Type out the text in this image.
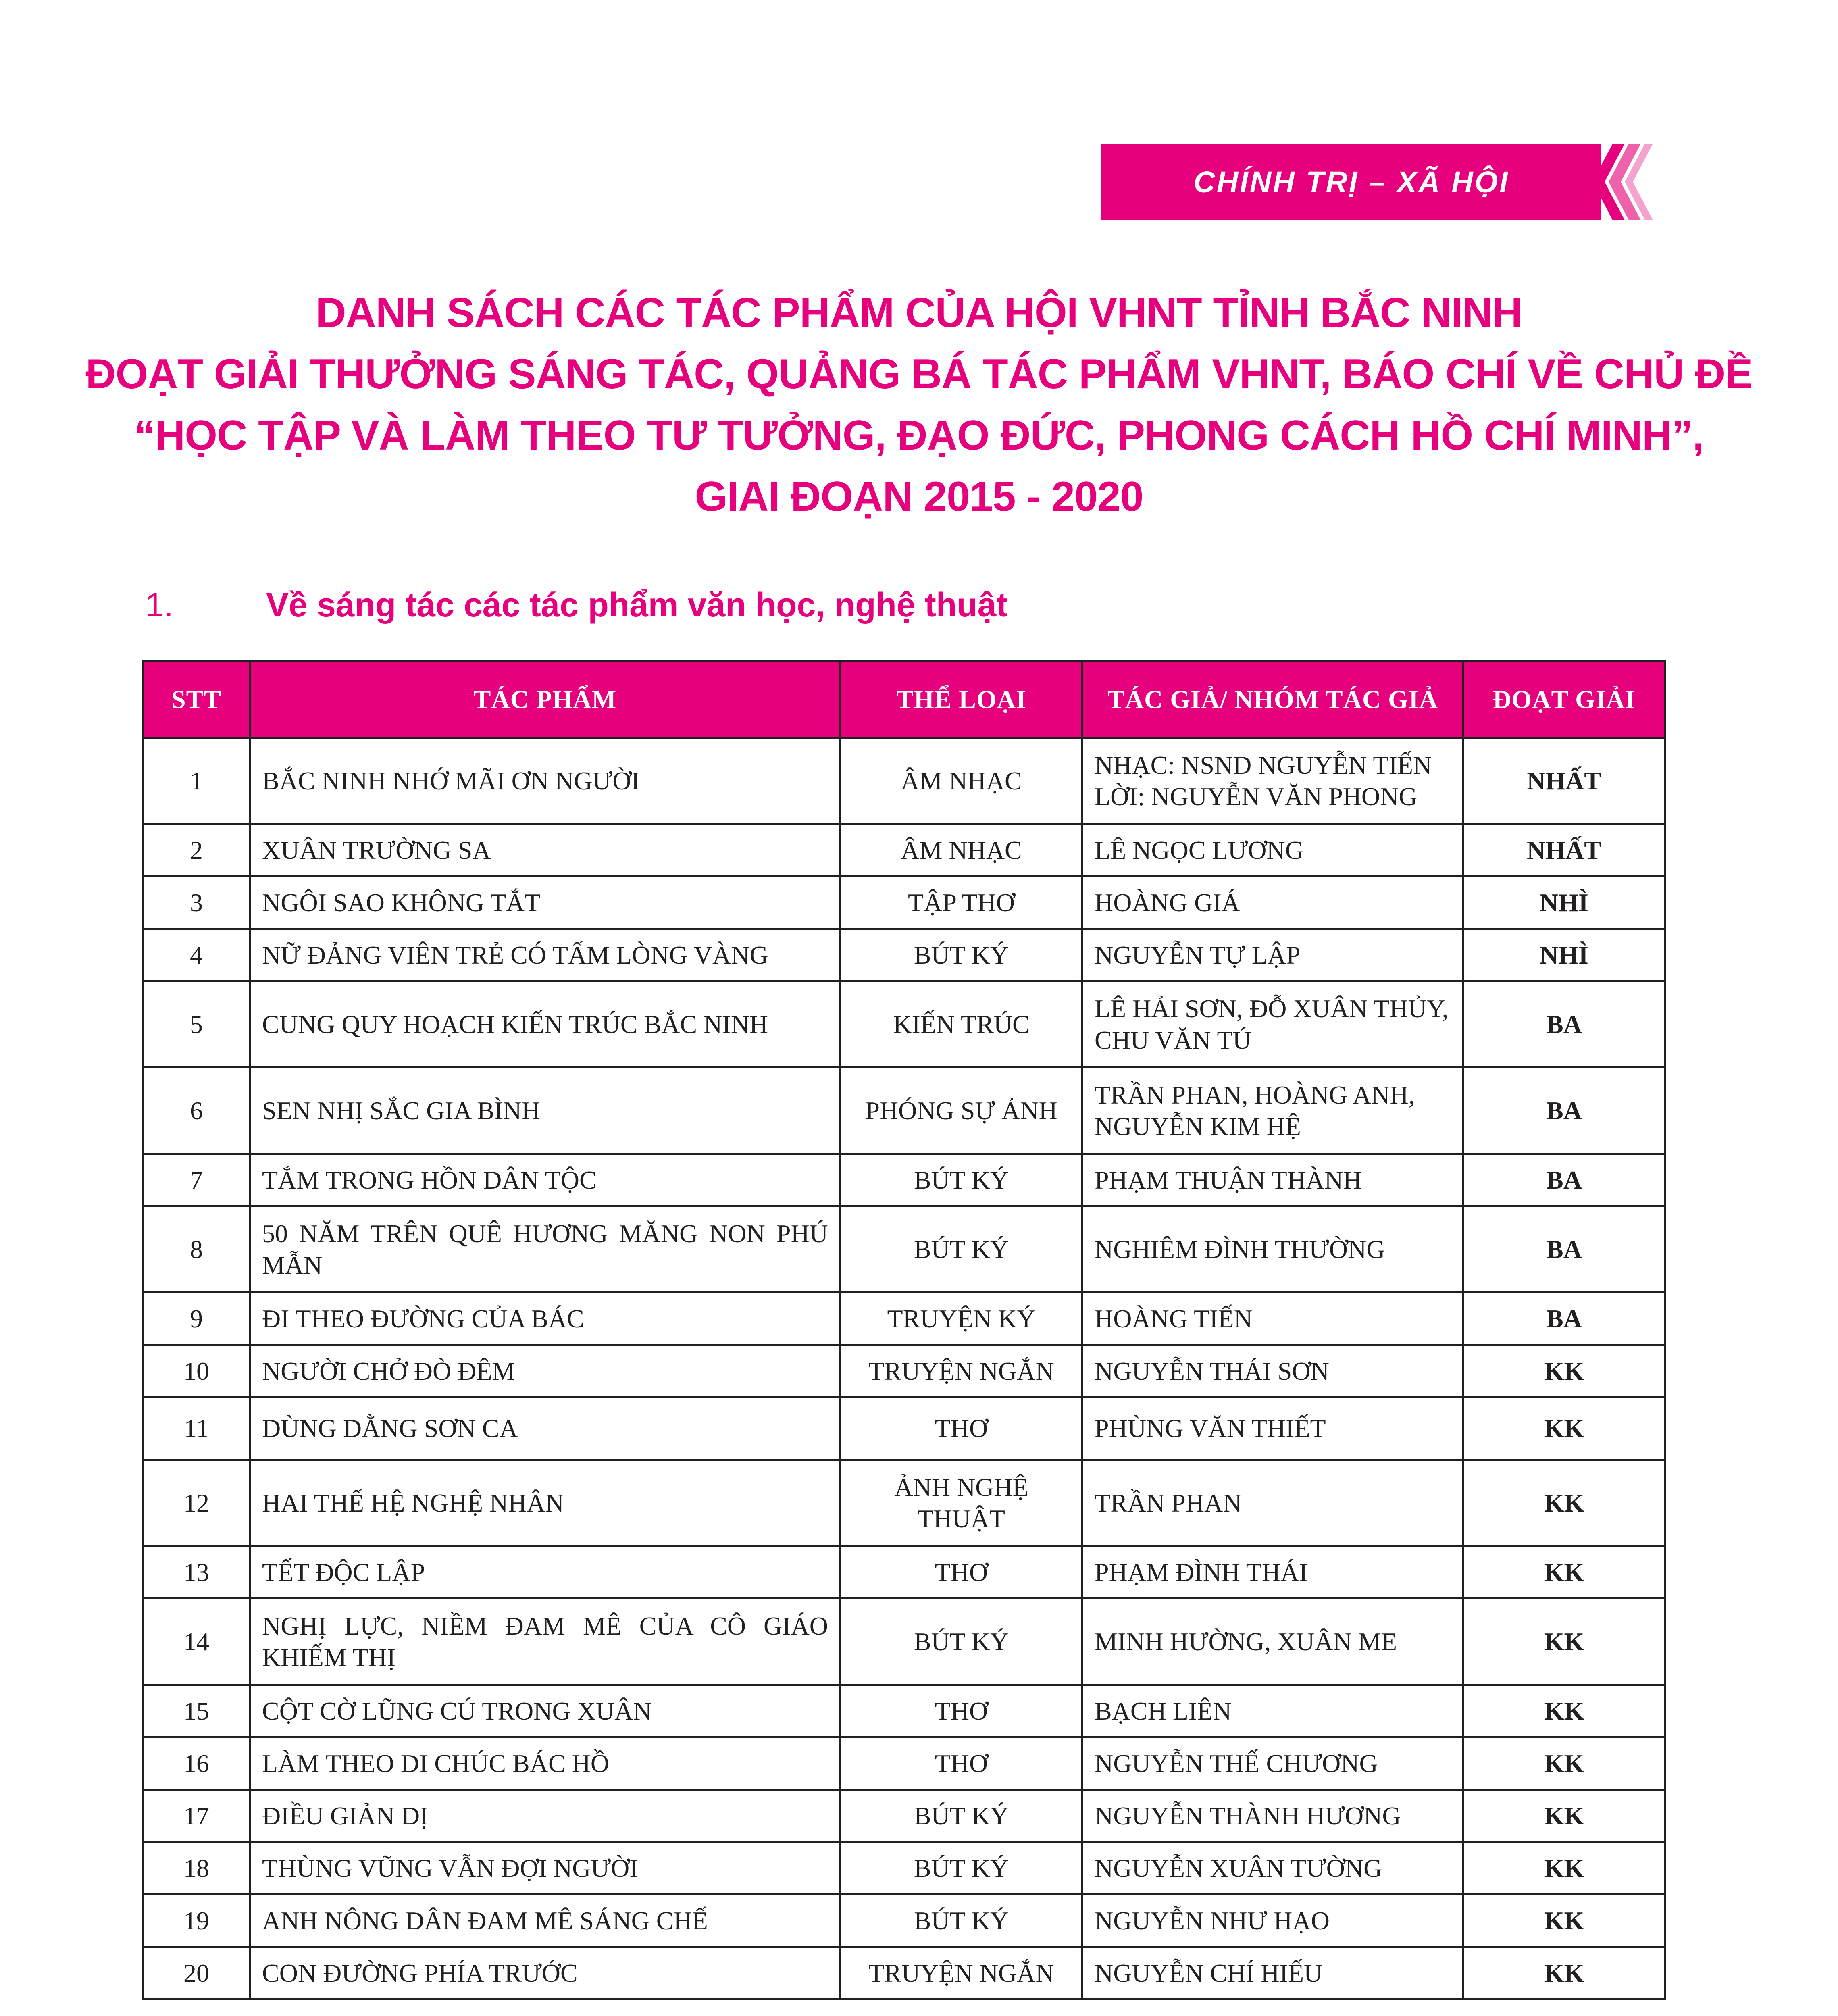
CHÍNH TRỊ – XÃ HỘI
DANH SÁCH CÁC TÁC PHẨM CỦA HỘI VHNT TỈNH BẮC NINH
ĐOẠT GIẢI THƯỞNG SÁNG TÁC, QUẢNG BÁ TÁC PHẨM VHNT, BÁO CHÍ VỀ CHỦ ĐỀ
“HỌC TẬP VÀ LÀM THEO TƯ TƯỞNG, ĐẠO ĐỨC, PHONG CÁCH HỒ CHÍ MINH”,
GIAI ĐOẠN 2015 - 2020
1.	Về sáng tác các tác phẩm văn học, nghệ thuật
STT	TÁC PHẨM	THỂ LOẠI	TÁC GIẢ/ NHÓM TÁC GIẢ	ĐOẠT GIẢI
1	BẮC NINH NHỚ MÃI ƠN NGƯỜI	ÂM NHẠC	NHẠC: NSND NGUYỄN TIẾN LỜI: NGUYỄN VĂN PHONG	NHẤT
2	XUÂN TRƯỜNG SA	ÂM NHẠC	LÊ NGỌC LƯƠNG	NHẤT
3	NGÔI SAO KHÔNG TẮT	TẬP THƠ	HOÀNG GIÁ	NHÌ
4	NỮ ĐẢNG VIÊN TRẺ CÓ TẤM LÒNG VÀNG	BÚT KÝ	NGUYỄN TỰ LẬP	NHÌ
5	CUNG QUY HOẠCH KIẾN TRÚC BẮC NINH	KIẾN TRÚC	LÊ HẢI SƠN, ĐỖ XUÂN THỦY, CHU VĂN TÚ	BA
6	SEN NHỊ SẮC GIA BÌNH	PHÓNG SỰ ẢNH	TRẦN PHAN, HOÀNG ANH, NGUYỄN KIM HỆ	BA
7	TẮM TRONG HỒN DÂN TỘC	BÚT KÝ	PHẠM THUẬN THÀNH	BA
8	50 NĂM TRÊN QUÊ HƯƠNG MĂNG NON PHÚ MẪN	BÚT KÝ	NGHIÊM ĐÌNH THƯỜNG	BA
9	ĐI THEO ĐƯỜNG CỦA BÁC	TRUYỆN KÝ	HOÀNG TIẾN	BA
10	NGƯỜI CHỞ ĐÒ ĐÊM	TRUYỆN NGẮN	NGUYỄN THÁI SƠN	KK
11	DÙNG DẰNG SƠN CA	THƠ	PHÙNG VĂN THIẾT	KK
12	HAI THẾ HỆ NGHỆ NHÂN	ẢNH NGHỆ THUẬT	TRẦN PHAN	KK
13	TẾT ĐỘC LẬP	THƠ	PHẠM ĐÌNH THÁI	KK
14	NGHỊ LỰC, NIỀM ĐAM MÊ CỦA CÔ GIÁO KHIẾM THỊ	BÚT KÝ	MINH HƯỜNG, XUÂN ME	KK
15	CỘT CỜ LŨNG CÚ TRONG XUÂN	THƠ	BẠCH LIÊN	KK
16	LÀM THEO DI CHÚC BÁC HỒ	THƠ	NGUYỄN THẾ CHƯƠNG	KK
17	ĐIỀU GIẢN DỊ	BÚT KÝ	NGUYỄN THÀNH HƯƠNG	KK
18	THÙNG VŨNG VẪN ĐỢI NGƯỜI	BÚT KÝ	NGUYỄN XUÂN TƯỜNG	KK
19	ANH NÔNG DÂN ĐAM MÊ SÁNG CHẾ	BÚT KÝ	NGUYỄN NHƯ HẠO	KK
20	CON ĐƯỜNG PHÍA TRƯỚC	TRUYỆN NGẮN	NGUYỄN CHÍ HIẾU	KK
